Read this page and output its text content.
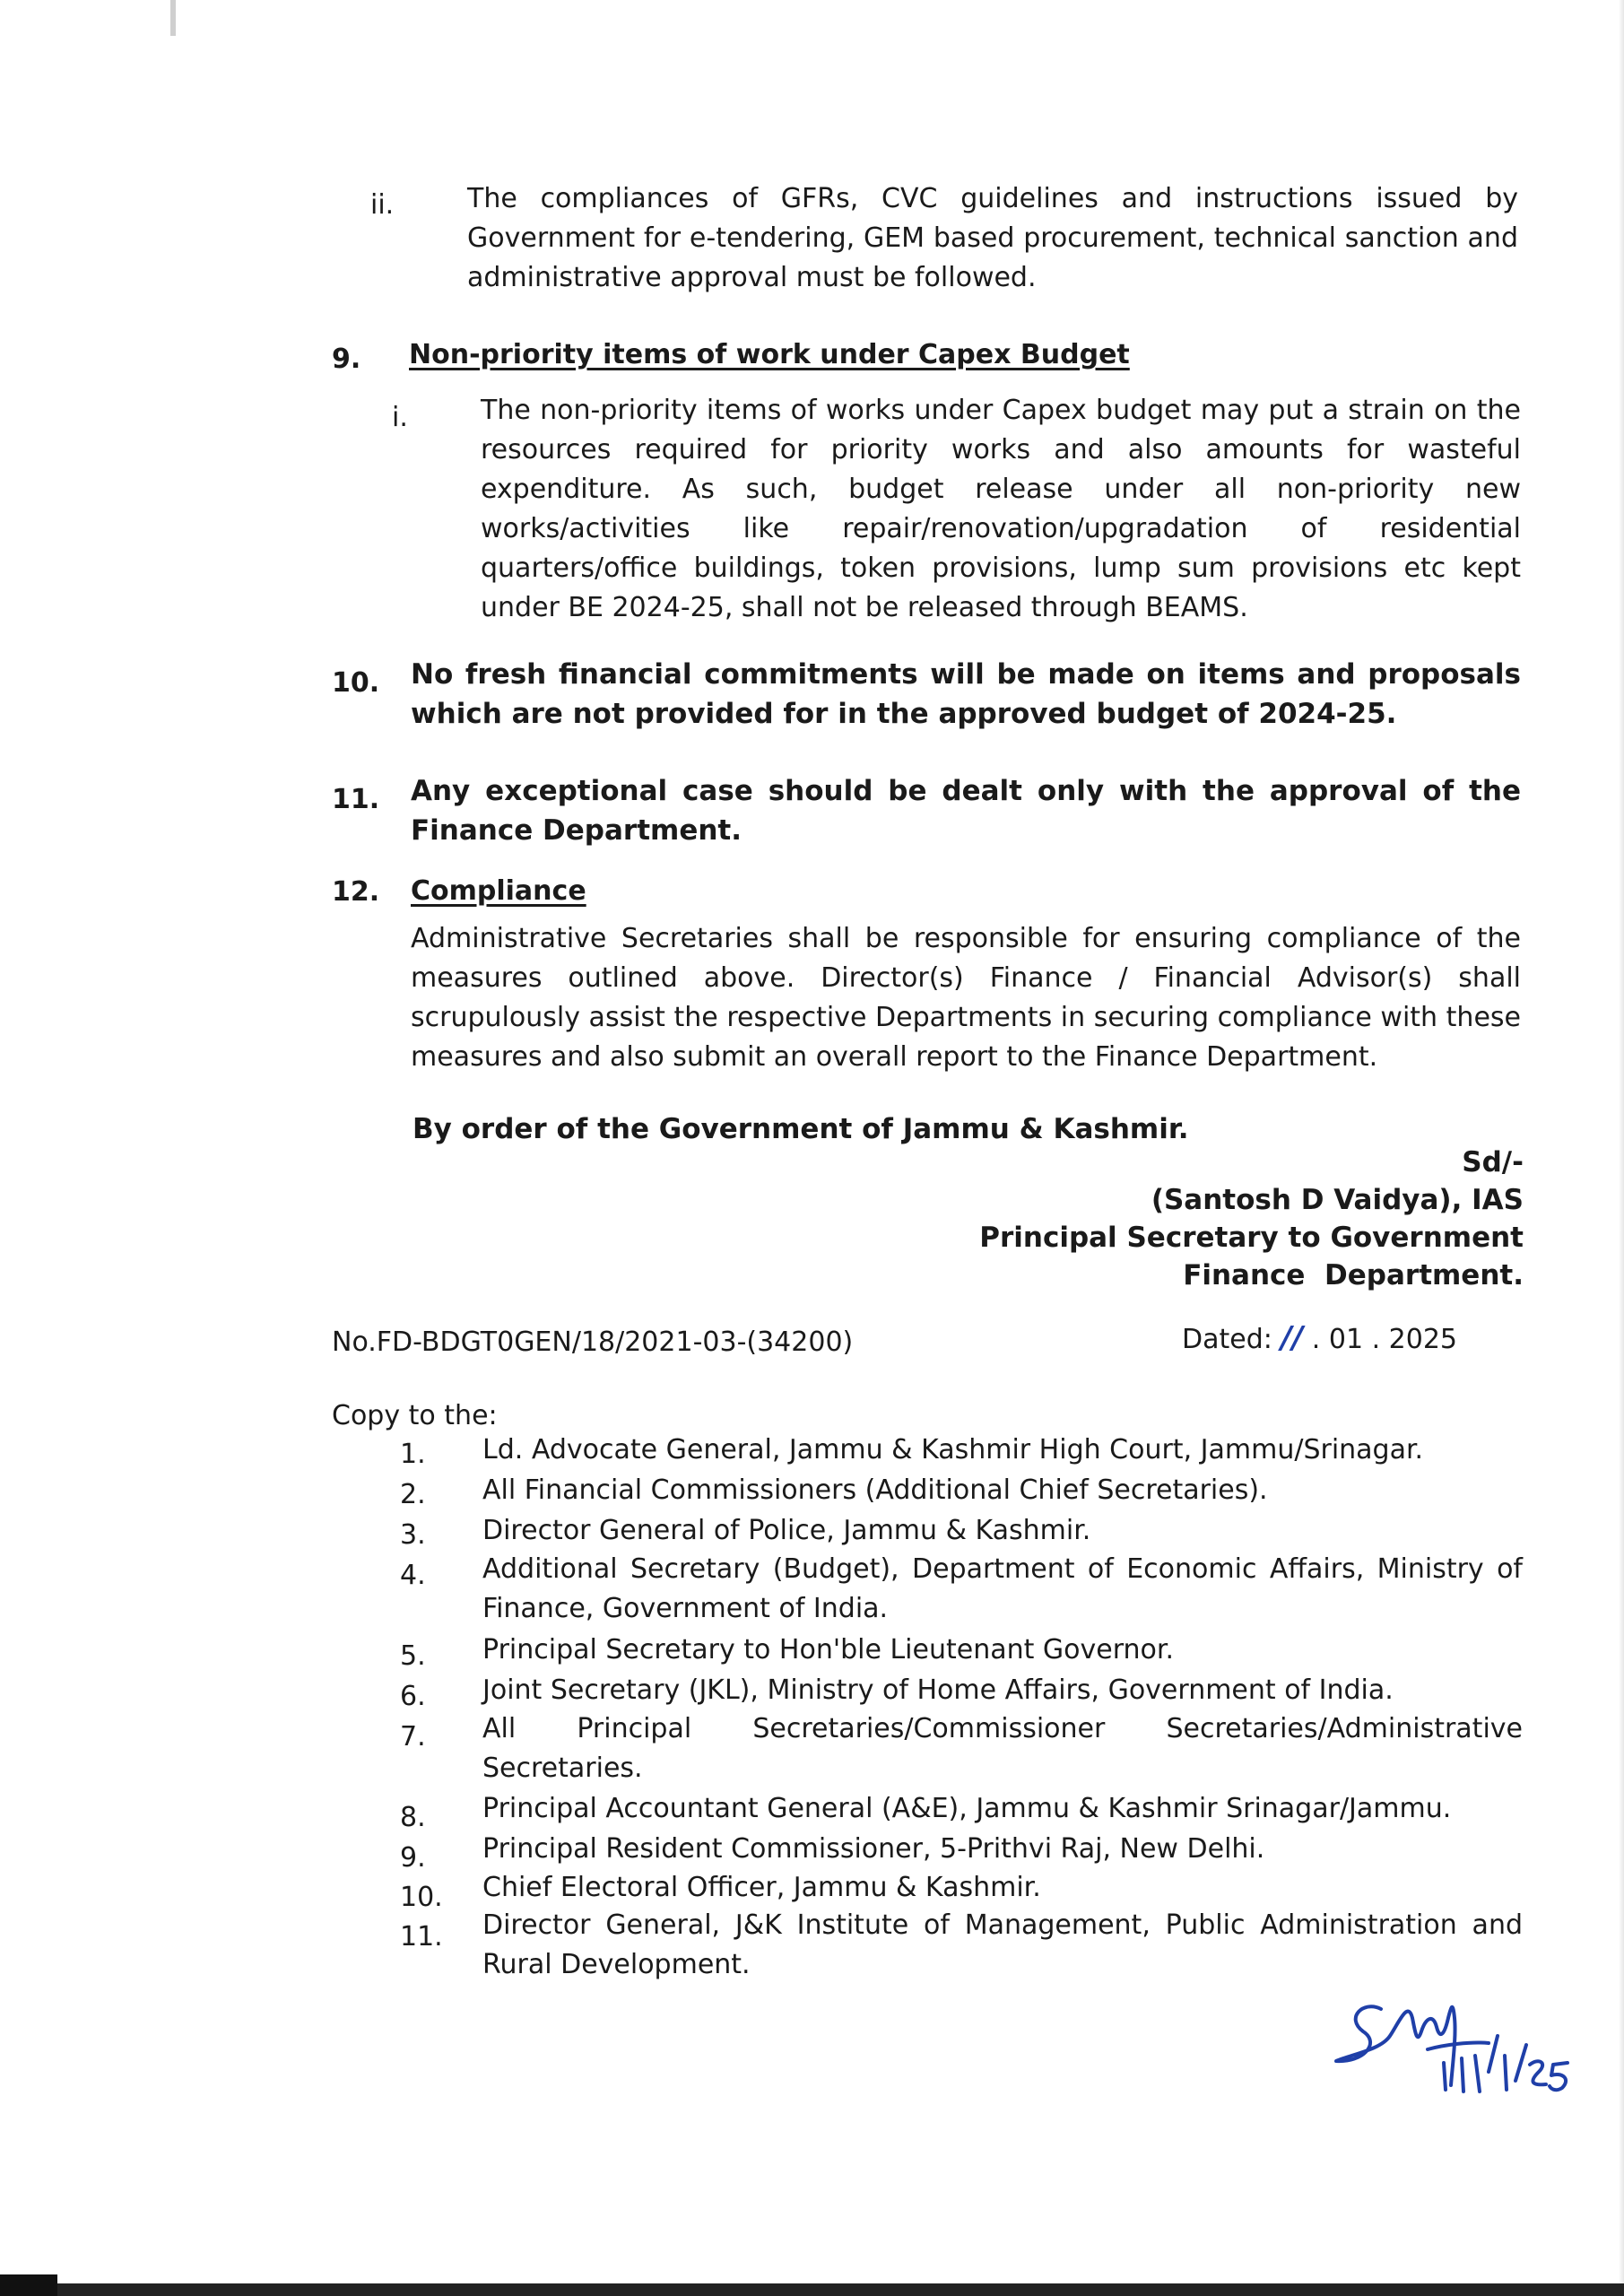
ii.	The compliances of GFRs, CVC guidelines and instructions issued by Government for e-tendering, GEM based procurement, technical sanction and administrative approval must be followed.
9. Non-priority items of work under Capex Budget
i.	The non-priority items of works under Capex budget may put a strain on the resources required for priority works and also amounts for wasteful expenditure. As such, budget release under all non-priority new works/activities like repair/renovation/upgradation of residential quarters/office buildings, token provisions, lump sum provisions etc kept under BE 2024-25, shall not be released through BEAMS.
10. No fresh financial commitments will be made on items and proposals which are not provided for in the approved budget of 2024-25.
11. Any exceptional case should be dealt only with the approval of the Finance Department.
12. Compliance
Administrative Secretaries shall be responsible for ensuring compliance of the measures outlined above. Director(s) Finance / Financial Advisor(s) shall scrupulously assist the respective Departments in securing compliance with these measures and also submit an overall report to the Finance Department.
By order of the Government of Jammu & Kashmir.
Sd/-
(Santosh D Vaidya), IAS
Principal Secretary to Government
Finance  Department.
No.FD-BDGT0GEN/18/2021-03-(34200)	Dated: // . 01 . 2025
Copy to the:
1. Ld. Advocate General, Jammu & Kashmir High Court, Jammu/Srinagar.
2. All Financial Commissioners (Additional Chief Secretaries).
3. Director General of Police, Jammu & Kashmir.
4. Additional Secretary (Budget), Department of Economic Affairs, Ministry of Finance, Government of India.
5. Principal Secretary to Hon'ble Lieutenant Governor.
6. Joint Secretary (JKL), Ministry of Home Affairs, Government of India.
7. All Principal Secretaries/Commissioner Secretaries/Administrative Secretaries.
8. Principal Accountant General (A&E), Jammu & Kashmir Srinagar/Jammu.
9. Principal Resident Commissioner, 5-Prithvi Raj, New Delhi.
10. Chief Electoral Officer, Jammu & Kashmir.
11. Director General, J&K Institute of Management, Public Administration and Rural Development.
